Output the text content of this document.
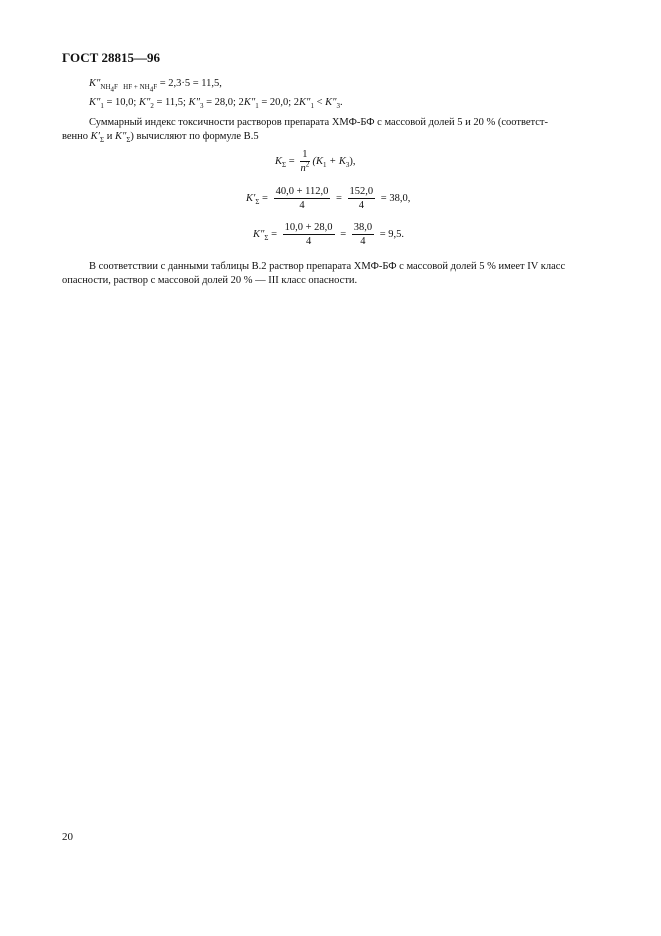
ГОСТ 28815—96
$K''_{NH_4F HF + NH_4F} = 2,3\cdot 5 = 11,5$,
$K''_1 = 10,0$; $K''_2 = 11,5$; $K''_3 = 28,0$; $2K''_1 = 20,0$; $2K''_1 < K''_3$.
Суммарный индекс токсичности растворов препарата ХМФ-БФ с массовой долей 5 и 20 % (соответст-
венно $K'_\Sigma$ и $K''_\Sigma$) вычисляют по формуле В.5
$K_\Sigma = \frac{1}{n^2} (K_1 + K_3)$,
$K'_\Sigma = \frac{40,0 + 112,0}{4} = \frac{152,0}{4} = 38,0$,
$K''_\Sigma = \frac{10,0 + 28,0}{4} = \frac{38,0}{4} = 9,5$.
В соответствии с данными таблицы В.2 раствор препарата ХМФ-БФ с массовой долей 5 % имеет IV класс
опасности, раствор с массовой долей 20 % — III класс опасности.
20
